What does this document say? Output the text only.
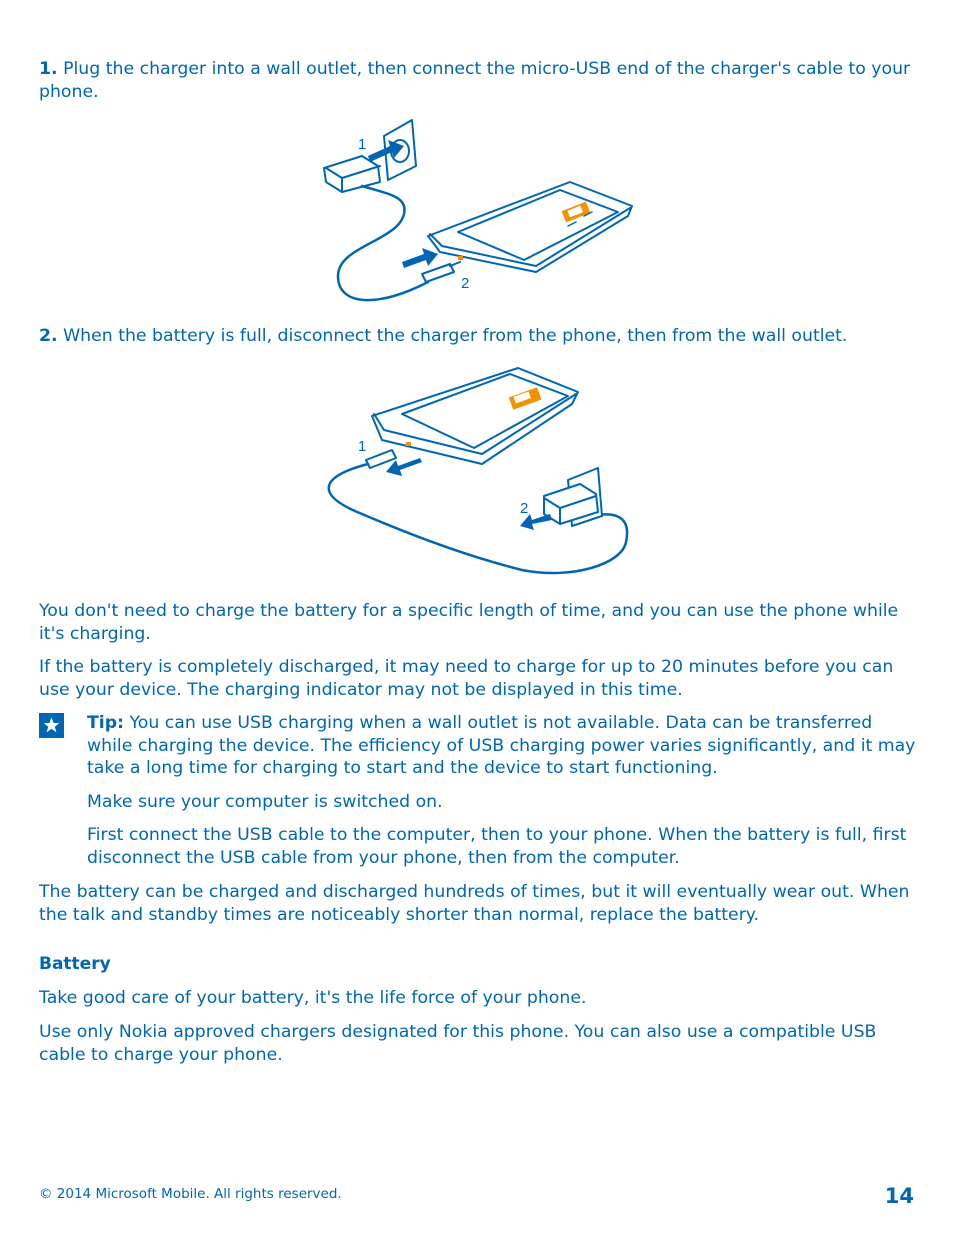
1. Plug the charger into a wall outlet, then connect the micro-USB end of the charger's cable to your phone.

1
2

2. When the battery is full, disconnect the charger from the phone, then from the wall outlet.

1
2

You don't need to charge the battery for a specific length of time, and you can use the phone while it's charging.

If the battery is completely discharged, it may need to charge for up to 20 minutes before you can use your device. The charging indicator may not be displayed in this time.

Tip: You can use USB charging when a wall outlet is not available. Data can be transferred while charging the device. The efficiency of USB charging power varies significantly, and it may take a long time for charging to start and the device to start functioning.

Make sure your computer is switched on.

First connect the USB cable to the computer, then to your phone. When the battery is full, first disconnect the USB cable from your phone, then from the computer.

The battery can be charged and discharged hundreds of times, but it will eventually wear out. When the talk and standby times are noticeably shorter than normal, replace the battery.

Battery

Take good care of your battery, it's the life force of your phone.

Use only Nokia approved chargers designated for this phone. You can also use a compatible USB cable to charge your phone.

© 2014 Microsoft Mobile. All rights reserved.	14
